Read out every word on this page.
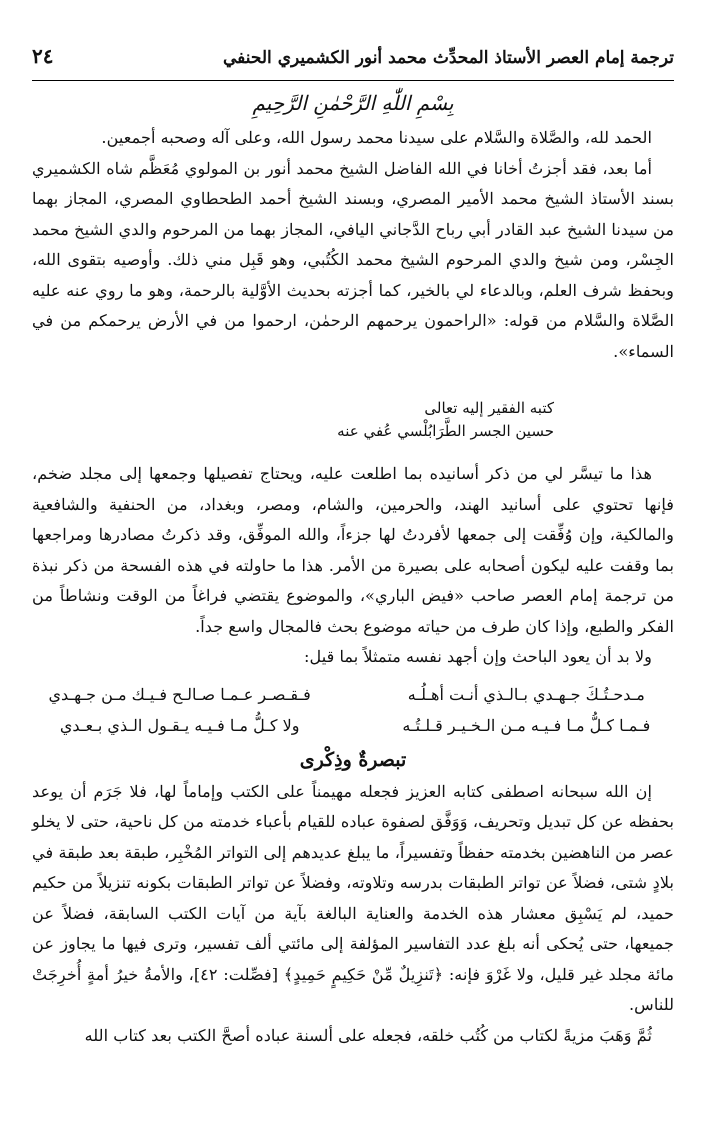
ترجمة إمام العصر الأستاذ المحدِّث محمد أنور الكشميري الحنفي
٢٤
بِسْمِ اللّٰهِ الرَّحْمٰنِ الرَّحِيمِ

الحمد لله، والصَّلاة والسَّلام على سيدنا محمد رسول الله، وعلى آله وصحبه أجمعين.

أما بعد، فقد أجزتُ أخانا في الله الفاضل الشيخ محمد أنور بن المولوي مُعَظَّم شاه الكشميري بسند الأستاذ الشيخ محمد الأمير المصري، وبسند الشيخ أحمد الطحطاوي المصري، المجاز بهما من سيدنا الشيخ عبد القادر أبي رباح الدَّجاني اليافي، المجاز بهما من المرحوم والدي الشيخ محمد الجِسْر، ومن شيخ والدي المرحوم الشيخ محمد الكُتُبي، وهو قَبِل مني ذلك. وأوصيه بتقوى الله، وبحفظ شرف العلم، وبالدعاء لي بالخير، كما أجزته بحديث الأوَّلية بالرحمة، وهو ما روي عنه عليه الصَّلاة والسَّلام من قوله: «الراحمون يرحمهم الرحمٰن، ارحموا من في الأرض يرحمكم من في السماء».

كتبه الفقير إليه تعالى
حسين الجسر الطَّرَابُلْسي عُفي عنه

هذا ما تيسَّر لي من ذكر أسانيده بما اطلعت عليه، ويحتاج تفصيلها وجمعها إلى مجلد ضخم، فإنها تحتوي على أسانيد الهند، والحرمين، والشام، ومصر، وبغداد، من الحنفية والشافعية والمالكية، وإن وُفِّقت إلى جمعها لأفردتُ لها جزءاً، والله الموفِّق، وقد ذكرتُ مصادرها ومراجعها بما وقفت عليه ليكون أصحابه على بصيرة من الأمر. هذا ما حاولته في هذه الفسحة من ذكر نبذة من ترجمة إمام العصر صاحب «فيض الباري»، والموضوع يقتضي فراغاً من الوقت ونشاطاً من الفكر والطبع، وإذا كان طرف من حياته موضوع بحث فالمجال واسع جداً.

ولا بد أن يعود الباحث وإن أجهد نفسه متمثلاً بما قيل:

مـدحـتُـكَ جـهـدي بـالـذي أنـت أهـلُـه
فـقـصـر عـمـا صـالـح فـيـك مـن جـهـدي
فـمـا كـلُّ مـا فـيـه مـن الـخـيـر قـلـتُـه
ولا كـلُّ مـا فـيـه يـقـول الـذي بـعـدي
تبصرةٌ وذِكْرى

إن الله سبحانه اصطفى كتابه العزيز فجعله مهيمناً على الكتب وإماماً لها، فلا جَرَم أن يوعد بحفظه عن كل تبديل وتحريف، وَوَفَّق لصفوة عباده للقيام بأعباء خدمته من كل ناحية، حتى لا يخلو عصر من الناهضين بخدمته حفظاً وتفسيراً، ما يبلغ عديدهم إلى التواتر المُخْبِر، طبقة بعد طبقة في بلادٍ شتى، فضلاً عن تواتر الطبقات بدرسه وتلاوته، وفضلاً عن تواتر الطبقات بكونه تنزيلاً من حكيم حميد، لم يَسْبِق معشار هذه الخدمة والعناية البالغة بآية من آيات الكتب السابقة، فضلاً عن جميعها، حتى يُحكى أنه بلغ عدد التفاسير المؤلفة إلى مائتي ألف تفسير، وترى فيها ما يجاوز عن مائة مجلد غير قليل، ولا غَرْوَ فإنه: ﴿تَنزِيلٌ مِّنْ حَكِيمٍ حَمِيدٍ﴾ [فصِّلت: ٤٢]، والأمةُ خيرُ أمةٍ أُخرِجَتْ للناس.

ثُمَّ وَهَبَ مزيةً لكتاب من كُتُب خلقه، فجعله على ألسنة عباده أصحَّ الكتب بعد كتاب الله
